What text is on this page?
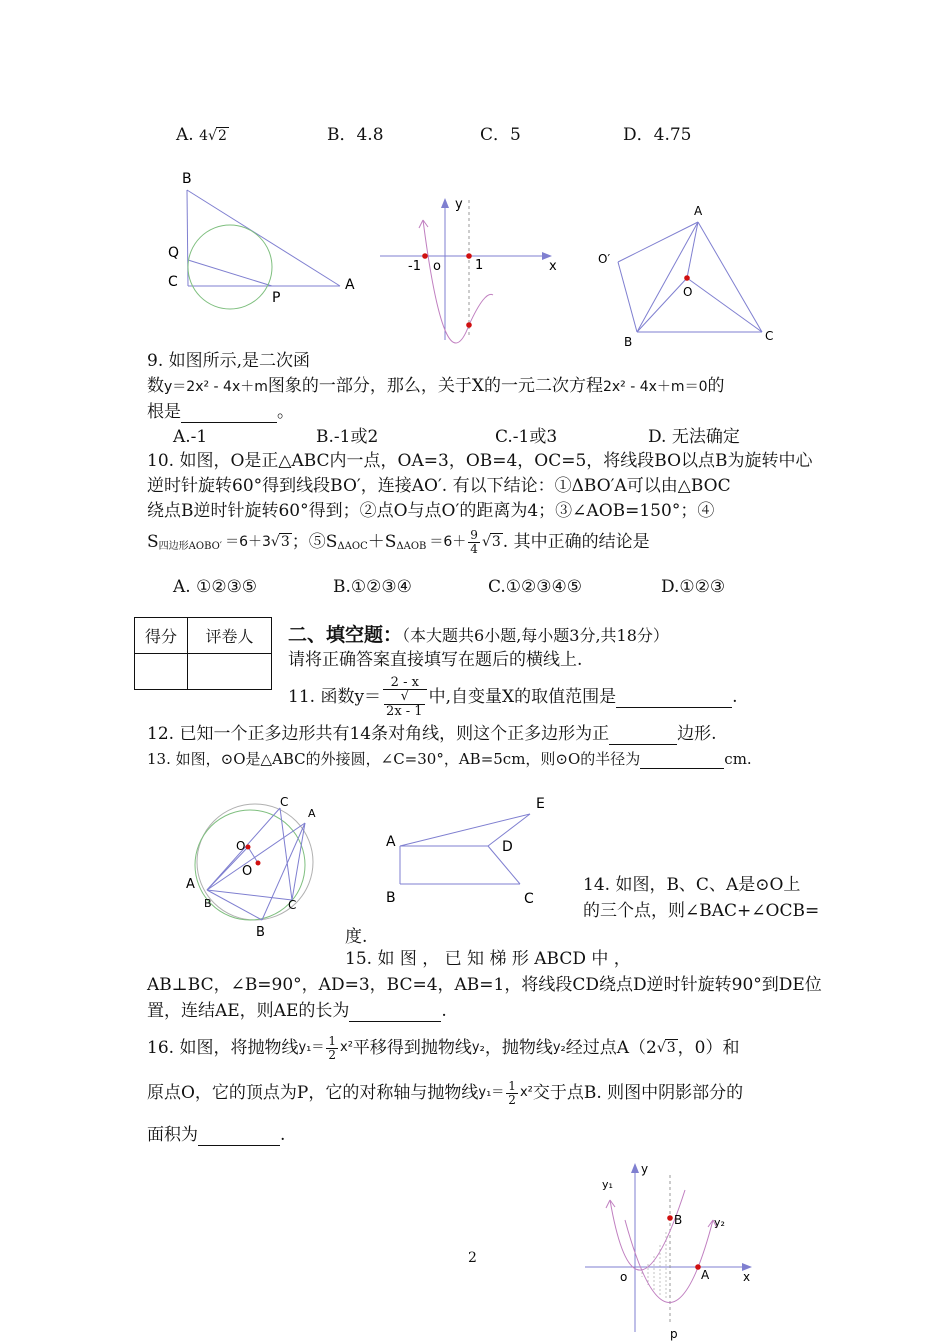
A. 4√2	B．4.8	C．5	D．4.75
B
Q
C
P
A
y
-1 o	1	x
A
O′
O
B	C
9. 如图所示,是二次函
数y＝2x² - 4x＋m图象的一部分，那么，关于X的一元二次方程2x² - 4x＋m＝0的
根是	。
A.-1	B.-1或2	C.-1或3	D. 无法确定
10. 如图，O是正△ABC内一点，OA=3，OB=4，OC=5，将线段BO以点B为旋转中心
逆时针旋转60°得到线段BO′，连接AO′. 有以下结论：①ΔBO′A可以由△BOC
绕点B逆时针旋转60°得到；②点O与点O′的距离为4；③∠AOB=150°；④
S 四边形AOBO′ ＝6＋3 √ 3 ；⑤S ΔAOC ＋S $\Delta AOB =6+ \frac{9}{4}$ √ 3 . 其中正确的结论是
A. ①②③⑤	B.①②③④	C.①②③④⑤	D.①②③
得分	评卷人
	二、填空题：（本大题共6小题,每小题3分,共18分）
请将正确答案直接填写在题后的横线上.
11. 函数y＝ 2 - x
√
2x - 1 中,自变量X的取值范围是
	.
12. 已知一个正多边形共有14条对角线，则这个正多边形为正	边形.
13. 如图，⊙O是△ABC的外接圆，∠C=30°，AB=5cm，则⊙O的半径为	cm.
C
A
O
O
A
B	C
B
E
A	D
B	C
14. 如图，B、C、A是⊙O上
的三个点，则∠BAC+∠OCB=
度.
15. 如 图 ， 已 知 梯 形 ABCD 中 ，
AB⊥BC，∠B=90°，AD=3，BC=4，AB=1，将线段CD绕点D逆时针旋转90°到DE位
置，连结AE，则AE的长为	.
16. 如图，将抛物线 $y_1 = \frac{1}{2} x^2$ 平移得到抛物线 y₂ ，抛物线 y₂ 经过点A（2 √ 3 ，0）和
原点O，它的顶点为P，它的对称轴与抛物线 $y_1 = \frac{1}{2} x^2$ 交于点B. 则图中阴影部分的
面积为	.
y
y₁
y₂
B
o	A	x
p
2
